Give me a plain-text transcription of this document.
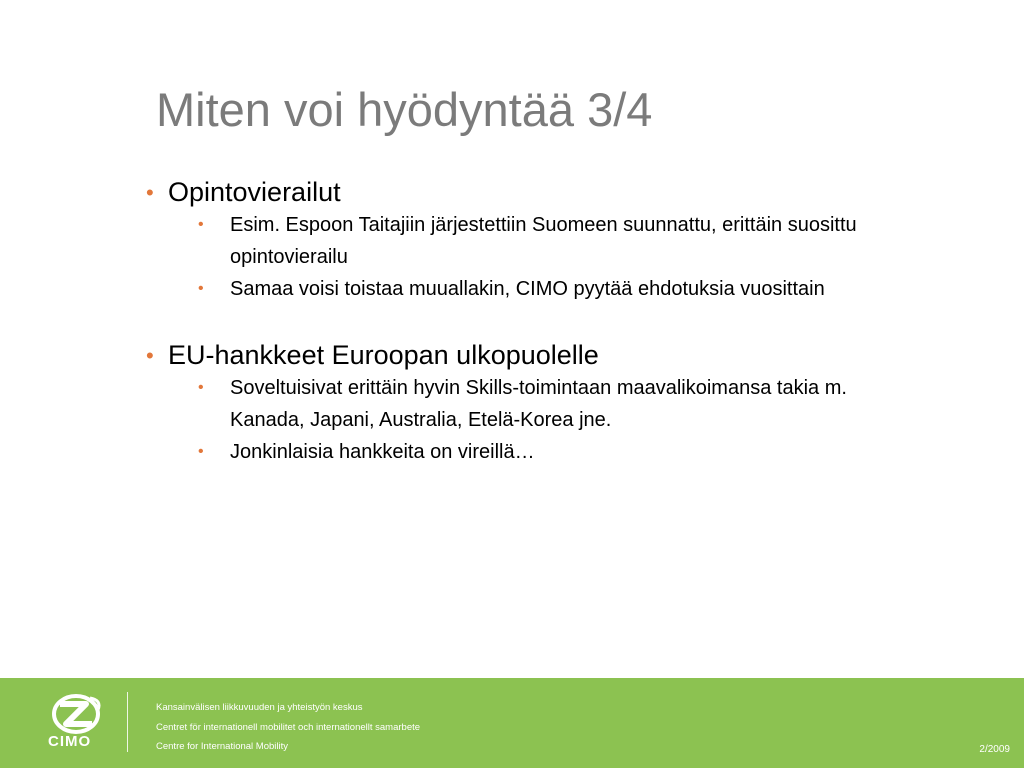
Miten voi hyödyntää 3/4
• Opintovierailut
• Esim. Espoon Taitajiin järjestettiin Suomeen suunnattu, erittäin suosittu opintovierailu
• Samaa voisi toistaa muuallakin, CIMO pyytää ehdotuksia vuosittain
• EU-hankkeet Euroopan ulkopuolelle
• Soveltuisivat erittäin hyvin Skills-toimintaan maavalikoimansa takia m. Kanada, Japani, Australia, Etelä-Korea jne.
• Jonkinlaisia hankkeita on vireillä…
CIMO
Kansainvälisen liikkuvuuden ja yhteistyön keskus
Centret för internationell mobilitet och internationellt samarbete
Centre for International Mobility	2/2009
